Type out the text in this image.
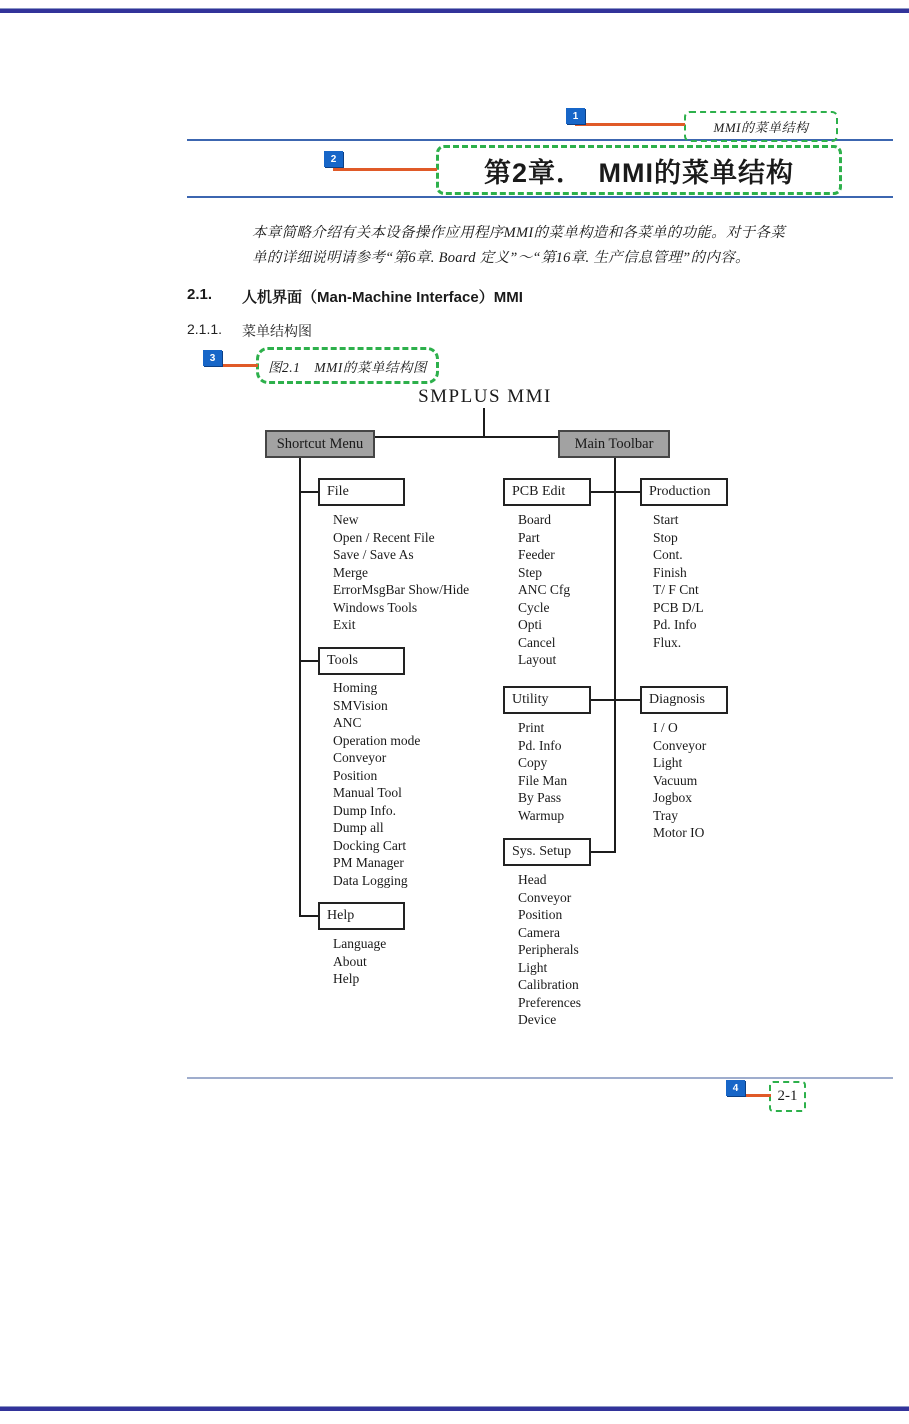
1
MMI的菜单结构
2	第2章．　MMI的菜单结构
本章简略介绍有关本设备操作应用程序MMI的菜单构造和各菜单的功能。对于各菜
单的详细说明请参考“第6章. Board 定义”～“第16章. 生产信息管理”的内容。
2.1. 人机界面（Man-Machine Interface）MMI
2.1.1. 菜单结构图
3
图2.1　MMI的菜单结构图
SMPLUS MMI
Shortcut Menu	Main Toolbar
File
New
Open / Recent File
Save / Save As
Merge
ErrorMsgBar Show/Hide
Windows Tools
Exit
Tools
Homing
SMVision
ANC
Operation mode
Conveyor
Position
Manual Tool
Dump Info.
Dump all
Docking Cart
PM Manager
Data Logging
Help
Language
About
Help
PCB Edit
Board
Part
Feeder
Step
ANC Cfg
Cycle
Opti
Cancel
Layout
Utility
Print
Pd. Info
Copy
File Man
By Pass
Warmup
Sys. Setup
Head
Conveyor
Position
Camera
Peripherals
Light
Calibration
Preferences
Device
Production
Start
Stop
Cont.
Finish
T/ F Cnt
PCB D/L
Pd. Info
Flux.
Diagnosis
I / O
Conveyor
Light
Vacuum
Jogbox
Tray
Motor IO
4	2-1
